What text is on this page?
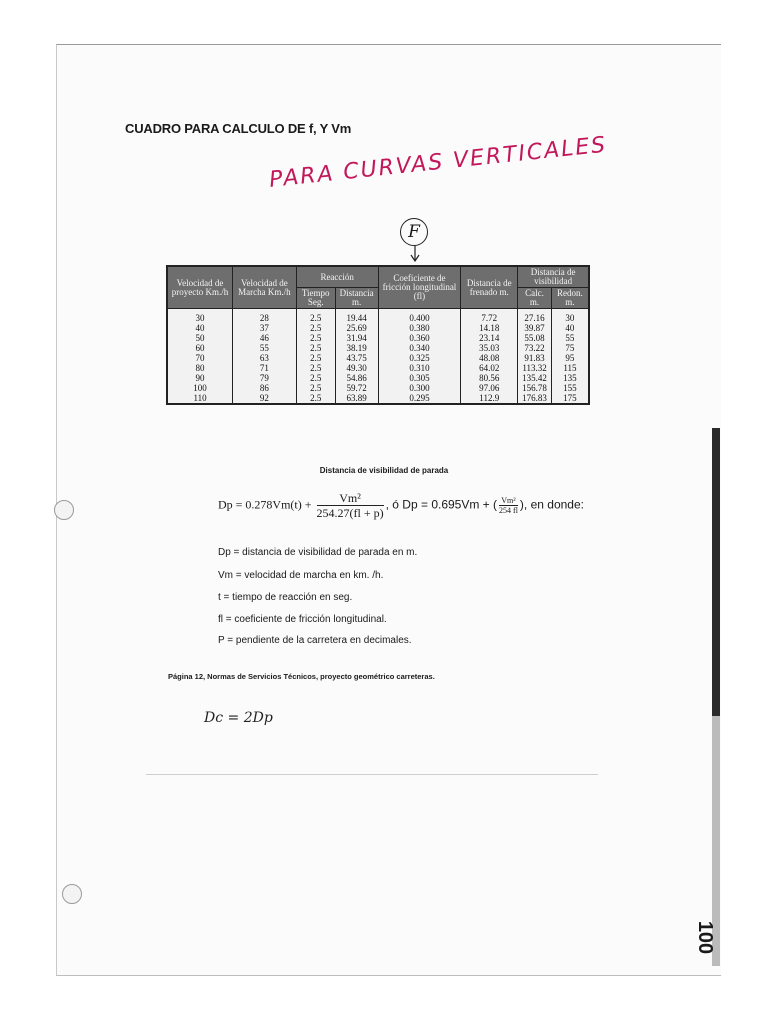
CUADRO PARA CALCULO DE f, Y Vm
PARA CURVAS VERTICALES
F
Velocidad de proyecto Km./h	Velocidad de Marcha Km./h	Reacción		Coeficiente de fricción longitudinal (fl)	Distancia de frenado m.	Distancia de visibilidad	
		Tiempo Seg.	Distancia m.			Calc. m.	Redon. m.
30	28	2.5	19.44	0.400	7.72	27.16	30
40	37	2.5	25.69	0.380	14.18	39.87	40
50	46	2.5	31.94	0.360	23.14	55.08	55
60	55	2.5	38.19	0.340	35.03	73.22	75
70	63	2.5	43.75	0.325	48.08	91.83	95
80	71	2.5	49.30	0.310	64.02	113.32	115
90	79	2.5	54.86	0.305	80.56	135.42	135
100	86	2.5	59.72	0.300	97.06	156.78	155
110	92	2.5	63.89	0.295	112.9	176.83	175
Distancia de visibilidad de parada
$Dp = 0.278Vm(t) + \frac{\text{Vm²}}{254.27(fl + p)}$ , ó Dp = 0.695Vm + ( $\frac{\text{Vm²}}{254 fl}$ ), en donde:
Dp = distancia de visibilidad de parada en m.
Vm = velocidad de marcha en km. /h.
t = tiempo de reacción en seg.
fl = coeficiente de fricción longitudinal.
P = pendiente de la carretera en decimales.
Página 12, Normas de Servicios Técnicos, proyecto geométrico carreteras.
Dc = 2Dp
100
